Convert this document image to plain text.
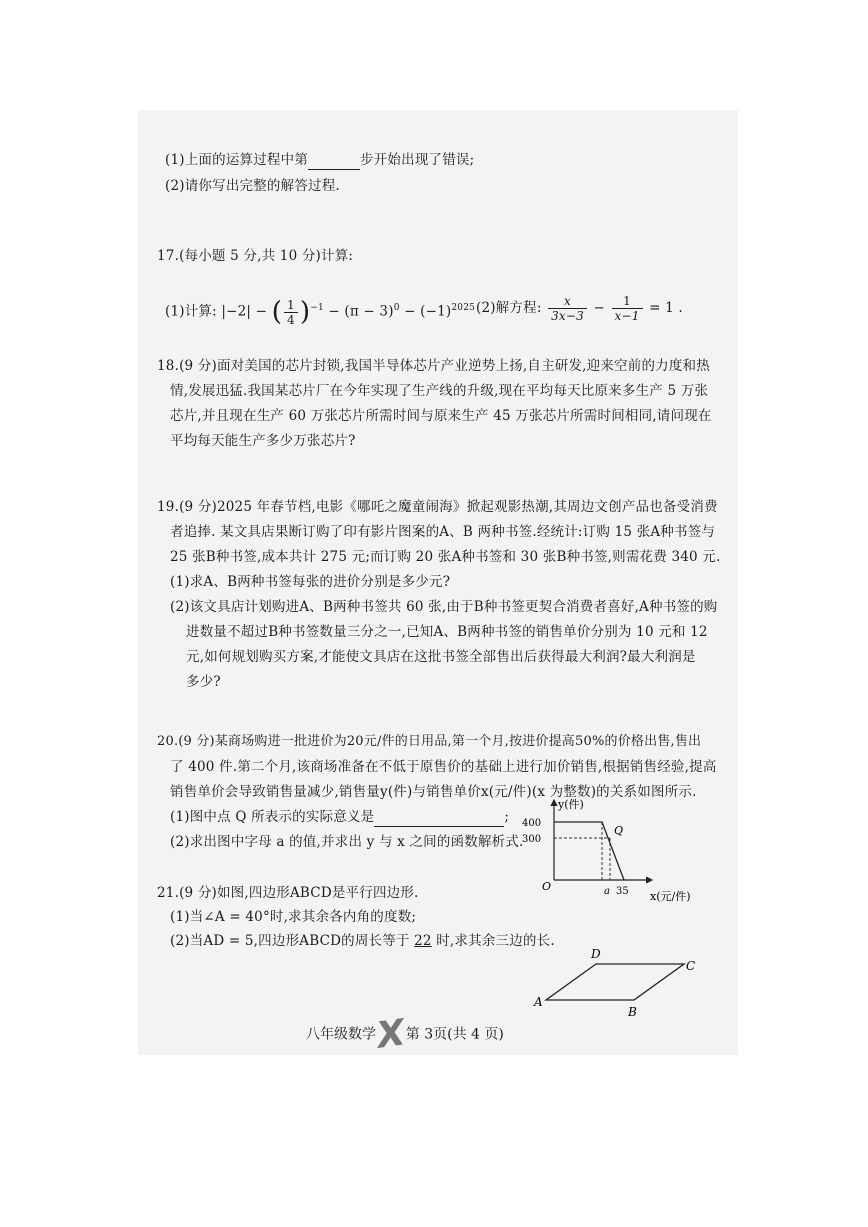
(1)上面的运算过程中第	步开始出现了错误;
(2)请你写出完整的解答过程.
17.(每小题 5 分,共 10 分)计算:
(1)计算: |−2| − ( $\frac{1}{4} )^{-1} - (\pi - 3)^0 - (-1)^{2025}$ (2)解方程: $\frac{x}{3x-3} - \frac{1}{x-1} = 1$ .
18.(9 分)面对美国的芯片封锁,我国半导体芯片产业逆势上扬,自主研发,迎来空前的力度和热
情,发展迅猛.我国某芯片厂在今年实现了生产线的升级,现在平均每天比原来多生产 5 万张
芯片,并且现在生产 60 万张芯片所需时间与原来生产 45 万张芯片所需时间相同,请问现在
平均每天能生产多少万张芯片?
19.(9 分)2025 年春节档,电影《哪吒之魔童闹海》掀起观影热潮,其周边文创产品也备受消费
者追捧. 某文具店果断订购了印有影片图案的A、B 两种书签.经统计:订购 15 张A种书签与
25 张B种书签,成本共计 275 元;而订购 20 张A种书签和 30 张B种书签,则需花费 340 元.
(1)求A、B两种书签每张的进价分别是多少元?
(2)该文具店计划购进A、B两种书签共 60 张,由于B种书签更契合消费者喜好,A种书签的购
进数量不超过B种书签数量三分之一,已知A、B两种书签的销售单价分别为 10 元和 12
元,如何规划购买方案,才能使文具店在这批书签全部售出后获得最大利润?最大利润是
多少?
20.(9 分)某商场购进一批进价为20元/件的日用品,第一个月,按进价提高50%的价格出售,售出
了 400 件.第二个月,该商场准备在不低于原售价的基础上进行加价销售,根据销售经验,提高
销售单价会导致销售量减少,销售量y(件)与销售单价x(元/件)(x 为整数)的关系如图所示.
(1)图中点 Q 所表示的实际意义是	;
(2)求出图中字母 a 的值,并求出 y 与 x 之间的函数解析式.
y(件)
400
300
Q
O	a 35 x(元/件)
21.(9 分)如图,四边形ABCD是平行四边形.
(1)当∠A = 40°时,求其余各内角的度数;
(2)当AD = 5,四边形ABCD的周长等于 22 时,求其余三边的长.
A
B
C
D
八年级数学X第 3页(共 4 页)
